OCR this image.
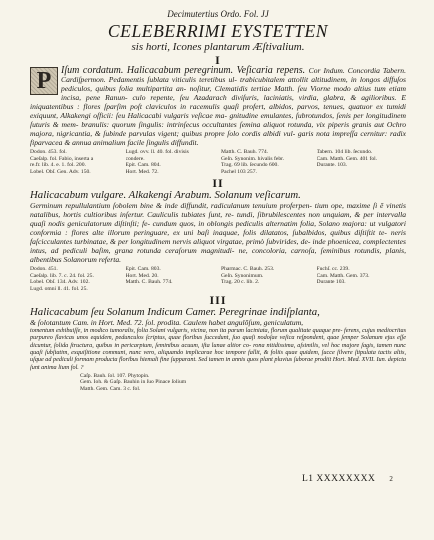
Decimutertius Ordo. Fol. JJ
CELEBERRIMI EYSTETTEN
sis horti, Icones plantarum Æſtivalium.
I
P Iſum cordatum. Halicacabum peregrinum. Veſicaria repens. Cor Indum. Concordia Tabern. Cardiſpermon. Pedamentis ſublata viticulis teretibus ul- trabicubitalem attollit altitudinem, in longos diffuſos pediculos, quibus folia multipartita an- noſitur, Clematidis tertiae Matth. ſeu Viorne modo altius tum etiam incisa, pene Ranun- culo repente, ſeu Azadarach diviſuris, laciniatis, virdia, glabra, & agilioribus. E iniquatentibus : flores ſparſim poſt claviculos in racemulis quaſi profert, albidos, parvos, tenues, quatuor ex tumidi exiquunt, Alkakengi oſficii: ſeu Halicacabi vulgaris veſicae ma- gnitudine emulantes, ſubrotundos, ſenis per longitudinem ſuturis & mem- branulis: quorum ſingulis: intrinſecus occultantes ſemina aliquot rotunda, vix piperis granis aut Ochro majora, nigricantia, & ſubinde parvulas vigent; quibus propre ſolo cordis albidi vul- garis nota impreſſa cernitur: radix fiparvacea & annua animalium facile ſingulis diffundit.
Dodon. 453. fol.	Lugd. ovv. ll. 40. fol. divisis	Matth. C. Bauh. 774.	Tabern. 104 lib. ſecundo.
Caeſalp. fol. Fabio, inserta a	condere.	Geſn. Synonim. hivalis febr.	Cam. Matth. Gem. 401 fol.
re.fr. lib. 4. e. 1. fol. 200.	Epit. Cam. 804.	Trag. 69 lib. ſecundo 600.	Durante. 103.
Lobel. Obſ. Gen. Adv. 150.	Hort. Med. 72.	Pachel 103 257.
II
Halicacabum vulgare. Alkakengi Arabum. Solanum veſicarum.
Germinum repullulantium ſobolem bine & inde diffundit, radiculanum tenuium proferpen- tium ope, maxime ſi ē vinetis natalibus, hortis cultioribus inſertur. Cauliculis tubiates ſunt, re- tundi, ſibrubilescentes non unquiam, & per intervalla quaſi nodis geniculatorum diſtinſti; fe- cundum quos, in oblongis pediculis alternatim folia, Solano majora: ut vulgatori conformia : flores alte illorum peringuare, ex uni baſi inaquae, folis dilatatos, ſubalbidos, quibus diſtiſtit te- neris faſcicculantes turbinatae, & per longitudinem nervis aliquot virgatae, primò ſubvirides, de- inde phoenicea, complectentes intus, ad pediculi baſim, grana rotunda ceraſorum magnitudi- ne, concoloria, carnoſa, ſeminibus rotundis, planis, albentibus Solanorum referta.
Dodon. 451.	Epit. Cam. 803.	Pharmac. C. Bauh. 253.	Fuchſ. cc. 239.
Caeſalp. lib. 7. c. 24. fol. 25.	Hort. Med. 20.	Geſn. Synonimum.	Cam. Matth. Gem. 373.
Lobel. Obſ. 134. Adv. 102.	Matth. C. Bauh. 774.	Trag. 20 c. lib. 2.	Durante 103.
Lugd. omni ll. 41. fol. 25.
III
Halicacabum ſeu Solanum Indicum Camer. Peregrinae indiſplanta,
& ſolotantum Cam. in Hort. Med. 72. ſol. prodita. Caulem habet angulōſum, geniculatum,
tomentum exhibuiſſe, in modico tumoralis, folia Solani vulgaris, vicina, non ita parum laciniata, florum qualitate quaque pre- ferens, cujus mediocritas purpureo ſlavicas unos equidem, pedunculos ſcriptus, quae floribus ſuccedunt, ſuo quaſi nodoſae veſica reſpondent, quae ſemper Solanum ejus eſſe dicuntur, ſolida ſtructura, quibus in pericarpium, ſeminibus acuum, iſta lunae altior co- rona nitidissima, aſsimilis, vel hoc majore ſagis, tamen nunc quaſi ſubſtatim, exquiſitione communi, nunc vero, aliquando implicarae hoc tempore fallit, & foliis quae quidem, ſucce ſilvere ſtipulata tactis altis, uſque ad pediculi formam producta floribus hiemali fine ſupparant. Sed tamen in annis quos plant pluvius ſuborae prodiit Hort. Med. XVII. Iun. depicta ſunt anima lium fol. ?
Caſp. Bauh. ſol. 107. Phytopin.
Gem. Ioh. & Gaſp. Bauhin in ſuo Pinace ſolium
Matth. Gem. Cam. 3 c. fol.
L1 XXXXXXXX 2
